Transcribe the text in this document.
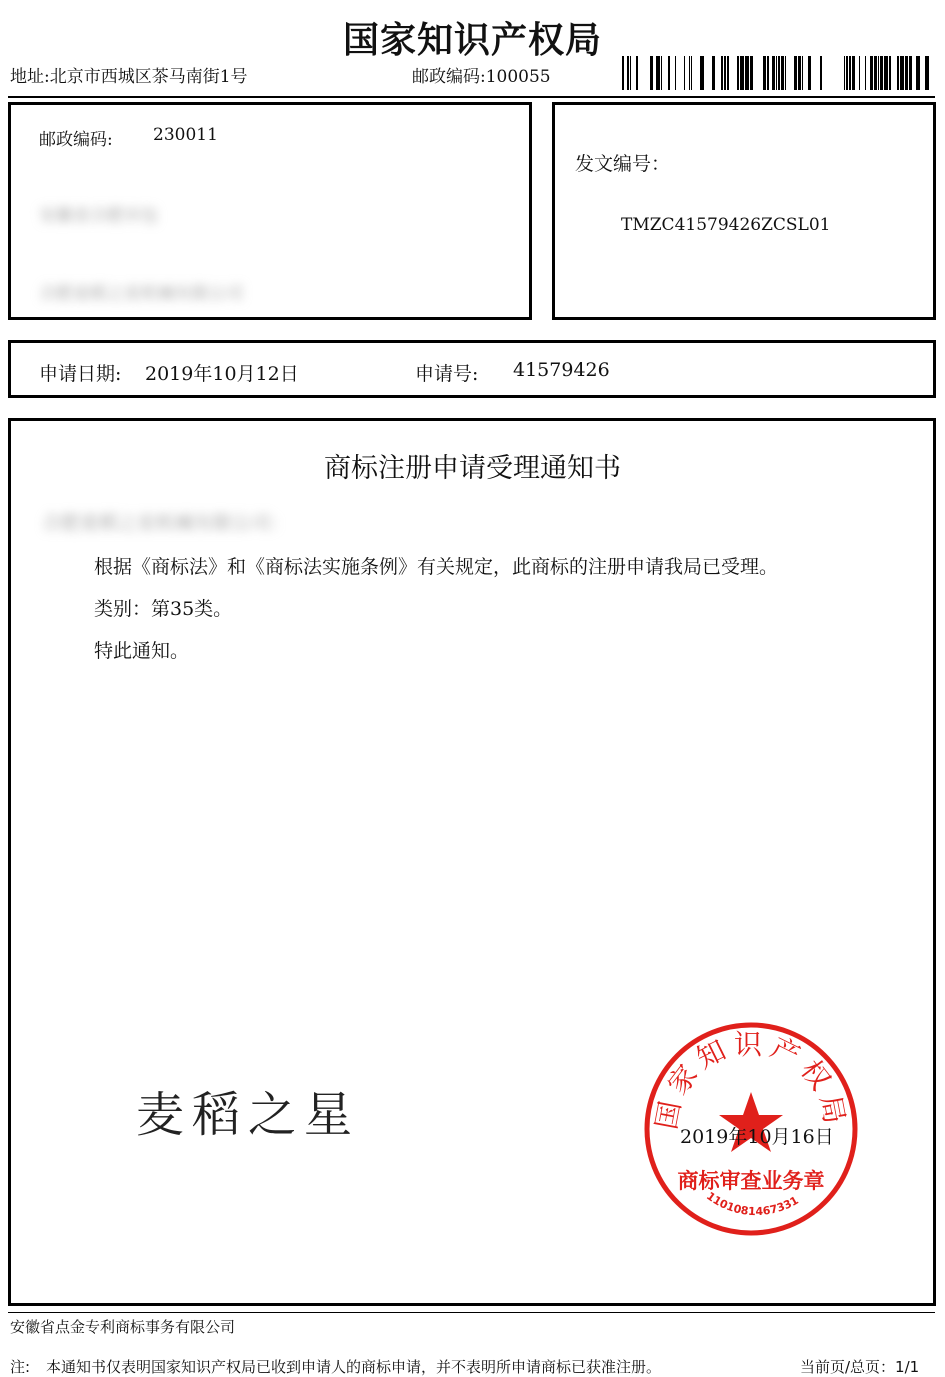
国家知识产权局
地址:北京市西城区茶马南街1号	邮政编码:100055
邮政编码: 230011
安徽省合肥市包
合肥麦稻之星机械有限公司
发文编号：
TMZC41579426ZCSL01
申请日期: 2019年10月12日	申请号: 41579426
商标注册申请受理通知书
合肥麦稻之星机械有限公司：
根据《商标法》和《商标法实施条例》有关规定，此商标的注册申请我局已受理。
类别：第35类。
特此通知。
麦稻之星	国家知识产权局
商标审查业务章
1101081467331
2019年10月16日
安徽省点金专利商标事务有限公司
注: 本通知书仅表明国家知识产权局已收到申请人的商标申请，并不表明所申请商标已获准注册。	当前页/总页：1/1
